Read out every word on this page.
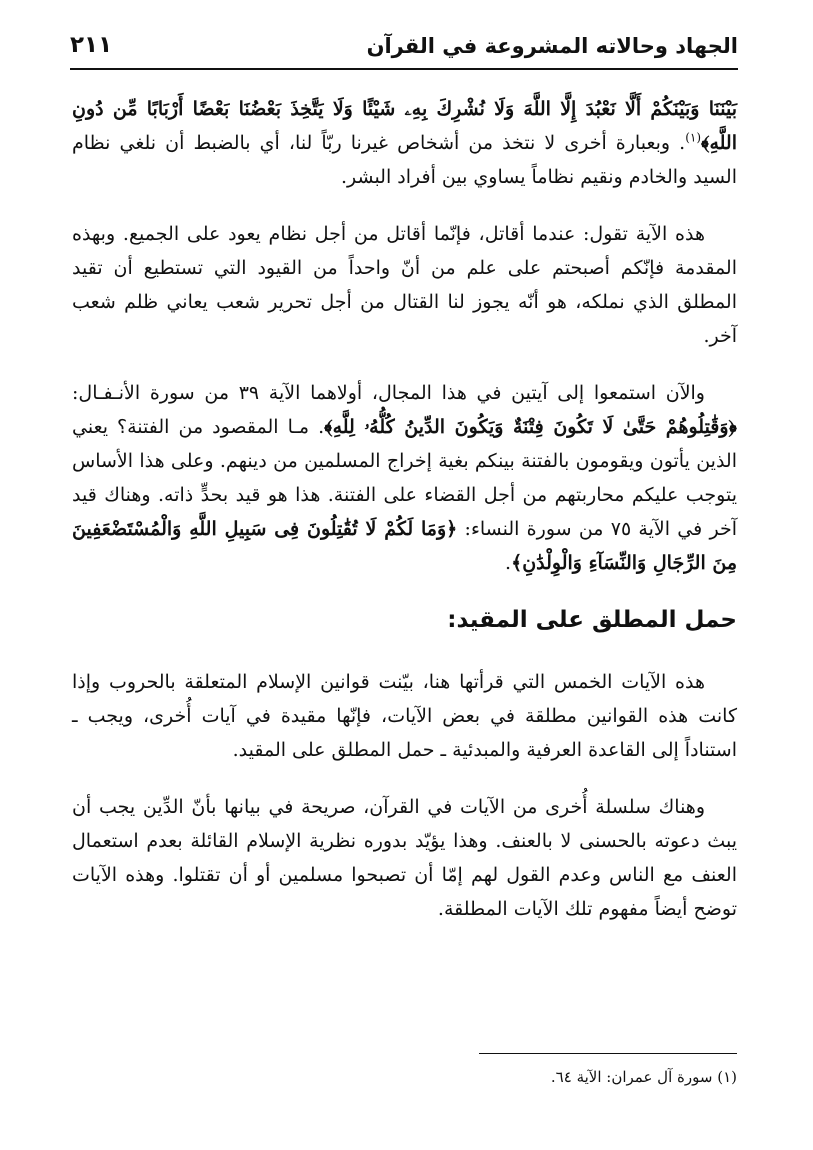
الجهاد وحالاته المشروعة في القرآن
٢١١

بَيْنَنَا وَبَيْنَكُمْ أَلَّا نَعْبُدَ إِلَّا اللَّهَ وَلَا نُشْرِكَ بِهِۦ شَيْئًا وَلَا يَتَّخِذَ بَعْضُنَا بَعْضًا أَرْبَابًا مِّن دُونِ اللَّهِ﴾$^{(١)}$. وبعبارة أخرى لا نتخذ من أشخاص غيرنا ربّاً لنا، أي بالضبط أن نلغي نظام السيد والخادم ونقيم نظاماً يساوي بين أفراد البشر.

هذه الآية تقول: عندما أقاتل، فإنّما أقاتل من أجل نظام يعود على الجميع. وبهذه المقدمة فإنّكم أصبحتم على علم من أنّ واحداً من القيود التي تستطيع أن تقيد المطلق الذي نملكه، هو أنّه يجوز لنا القتال من أجل تحرير شعب يعاني ظلم شعب آخر.

والآن استمعوا إلى آيتين في هذا المجال، أولاهما الآية ٣٩ من سورة الأنـفـال: ﴿وَقَٰتِلُوهُمْ حَتَّىٰ لَا تَكُونَ فِتْنَةٌ وَيَكُونَ الدِّينُ كُلُّهُۥ لِلَّهِ﴾. مـا المقصود من الفتنة؟ يعني الذين يأتون ويقومون بالفتنة بينكم بغية إخراج المسلمين من دينهم. وعلى هذا الأساس يتوجب عليكم محاربتهم من أجل القضاء على الفتنة. هذا هو قيد بحدٍّ ذاته. وهناك قيد آخر في الآية ٧٥ من سورة النساء: ﴿وَمَا لَكُمْ لَا تُقَٰتِلُونَ فِى سَبِيلِ اللَّهِ وَالْمُسْتَضْعَفِينَ مِنَ الرِّجَالِ وَالنِّسَآءِ وَالْوِلْدَٰنِ﴾.

حمل المطلق على المقيد:

هذه الآيات الخمس التي قرأتها هنا، بيّنت قوانين الإسلام المتعلقة بالحروب وإذا كانت هذه القوانين مطلقة في بعض الآيات، فإنّها مقيدة في آيات أُخرى، ويجب ـ استناداً إلى القاعدة العرفية والمبدئية ـ حمل المطلق على المقيد.

وهناك سلسلة أُخرى من الآيات في القرآن، صريحة في بيانها بأنّ الدِّين يجب أن يبث دعوته بالحسنى لا بالعنف. وهذا يؤيّد بدوره نظرية الإسلام القائلة بعدم استعمال العنف مع الناس وعدم القول لهم إمّا أن تصبحوا مسلمين أو أن تقتلوا. وهذه الآيات توضح أيضاً مفهوم تلك الآيات المطلقة.

(١) سورة آل عمران: الآية ٦٤.
